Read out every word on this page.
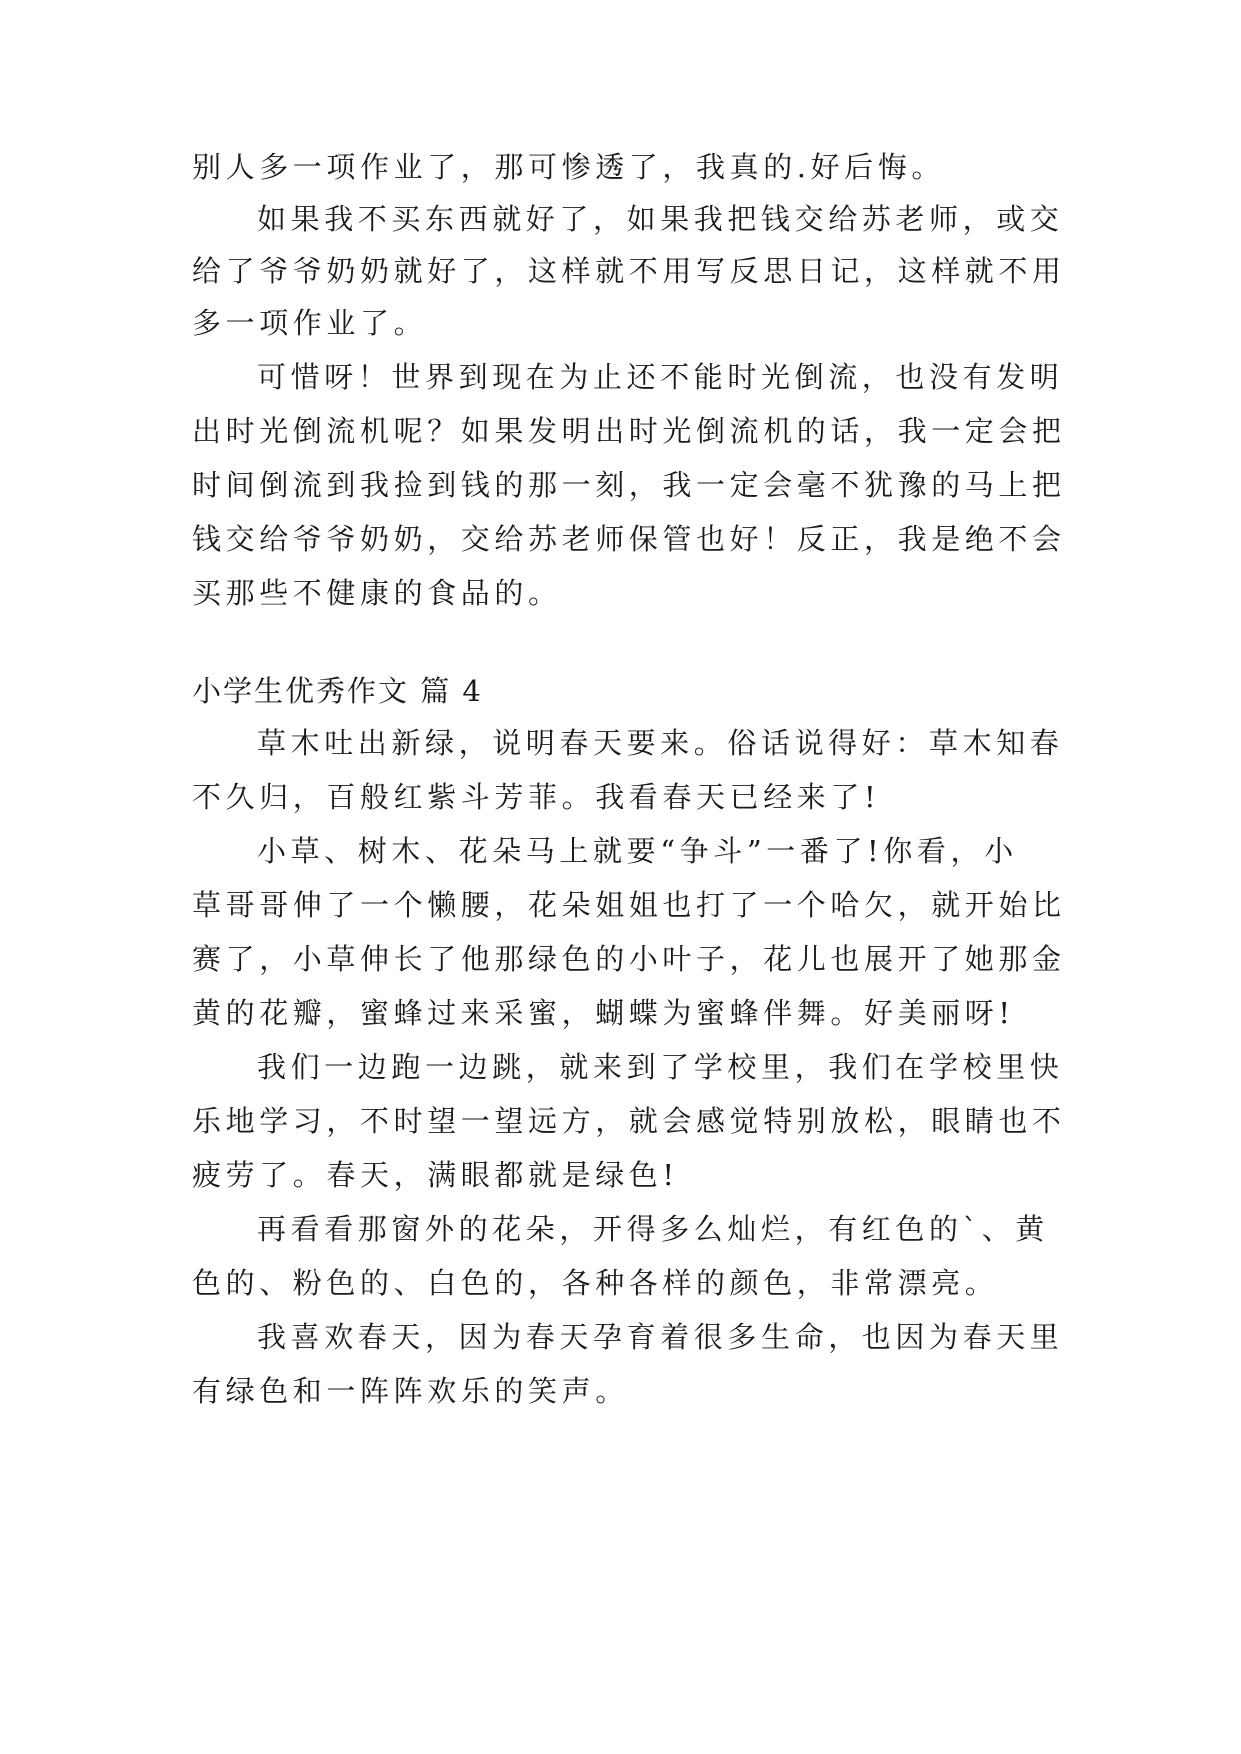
别人多一项作业了，那可惨透了，我真的.好后悔。
如果我不买东西就好了，如果我把钱交给苏老师，或交
给了爷爷奶奶就好了，这样就不用写反思日记，这样就不用
多一项作业了。
可惜呀！世界到现在为止还不能时光倒流，也没有发明
出时光倒流机呢？如果发明出时光倒流机的话，我一定会把
时间倒流到我捡到钱的那一刻，我一定会毫不犹豫的马上把
钱交给爷爷奶奶，交给苏老师保管也好！反正，我是绝不会
买那些不健康的食品的。
小学生优秀作文 篇 4
草木吐出新绿，说明春天要来。俗话说得好：草木知春
不久归，百般红紫斗芳菲。我看春天已经来了!
小草、树木、花朵马上就要“争斗”一番了!你看，小
草哥哥伸了一个懒腰，花朵姐姐也打了一个哈欠，就开始比
赛了，小草伸长了他那绿色的小叶子，花儿也展开了她那金
黄的花瓣，蜜蜂过来采蜜，蝴蝶为蜜蜂伴舞。好美丽呀!
我们一边跑一边跳，就来到了学校里，我们在学校里快
乐地学习，不时望一望远方，就会感觉特别放松，眼睛也不
疲劳了。春天，满眼都就是绿色!
再看看那窗外的花朵，开得多么灿烂，有红色的`、黄
色的、粉色的、白色的，各种各样的颜色，非常漂亮。
我喜欢春天，因为春天孕育着很多生命，也因为春天里
有绿色和一阵阵欢乐的笑声。
